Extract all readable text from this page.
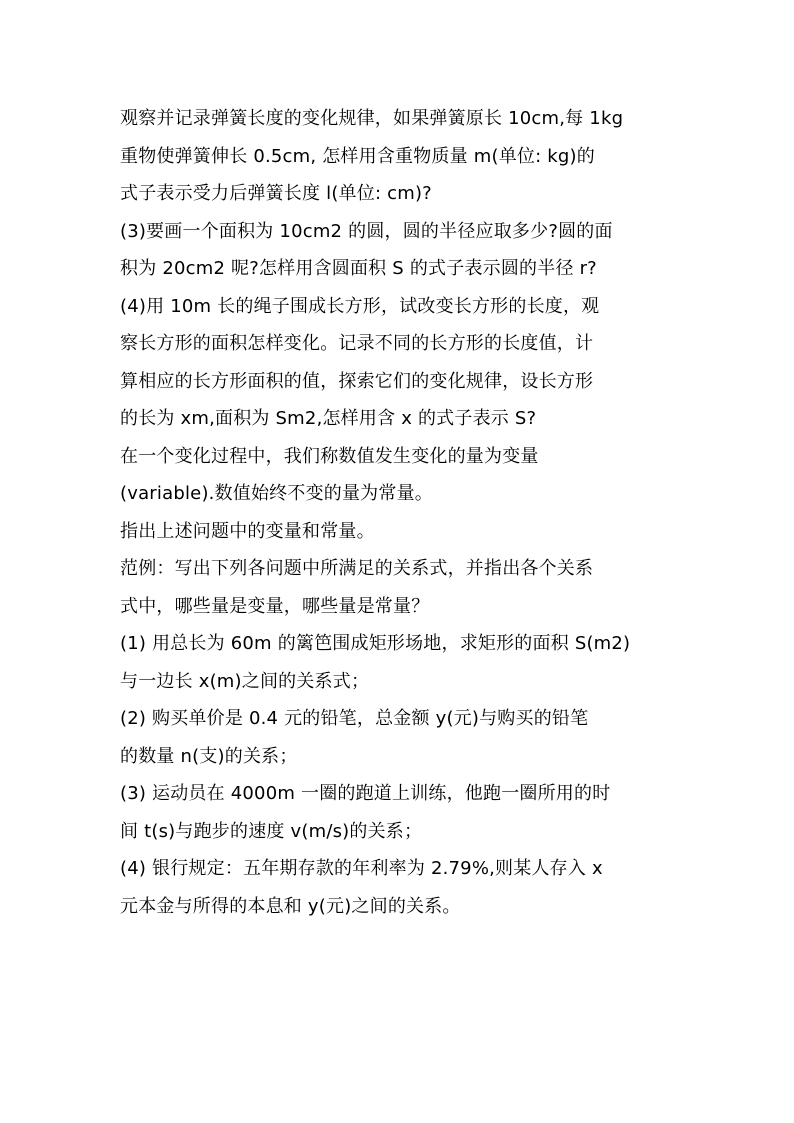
观察并记录弹簧长度的变化规律，如果弹簧原长 10cm,每 1kg
重物使弹簧伸长 0.5cm, 怎样用含重物质量 m(单位: kg)的
式子表示受力后弹簧长度 l(单位: cm)?
(3)要画一个面积为 10cm2 的圆，圆的半径应取多少?圆的面
积为 20cm2 呢?怎样用含圆面积 S 的式子表示圆的半径 r?
(4)用 10m 长的绳子围成长方形，试改变长方形的长度，观
察长方形的面积怎样变化。记录不同的长方形的长度值，计
算相应的长方形面积的值，探索它们的变化规律，设长方形
的长为 xm,面积为 Sm2,怎样用含 x 的式子表示 S?
在一个变化过程中，我们称数值发生变化的量为变量
(variable).数值始终不变的量为常量。
指出上述问题中的变量和常量。
范例：写出下列各问题中所满足的关系式，并指出各个关系
式中，哪些量是变量，哪些量是常量？
(1) 用总长为 60m 的篱笆围成矩形场地，求矩形的面积 S(m2)
与一边长 x(m)之间的关系式；
(2) 购买单价是 0.4 元的铅笔，总金额 y(元)与购买的铅笔
的数量 n(支)的关系；
(3) 运动员在 4000m 一圈的跑道上训练，他跑一圈所用的时
间 t(s)与跑步的速度 v(m/s)的关系；
(4) 银行规定：五年期存款的年利率为 2.79%,则某人存入 x
元本金与所得的本息和 y(元)之间的关系。
